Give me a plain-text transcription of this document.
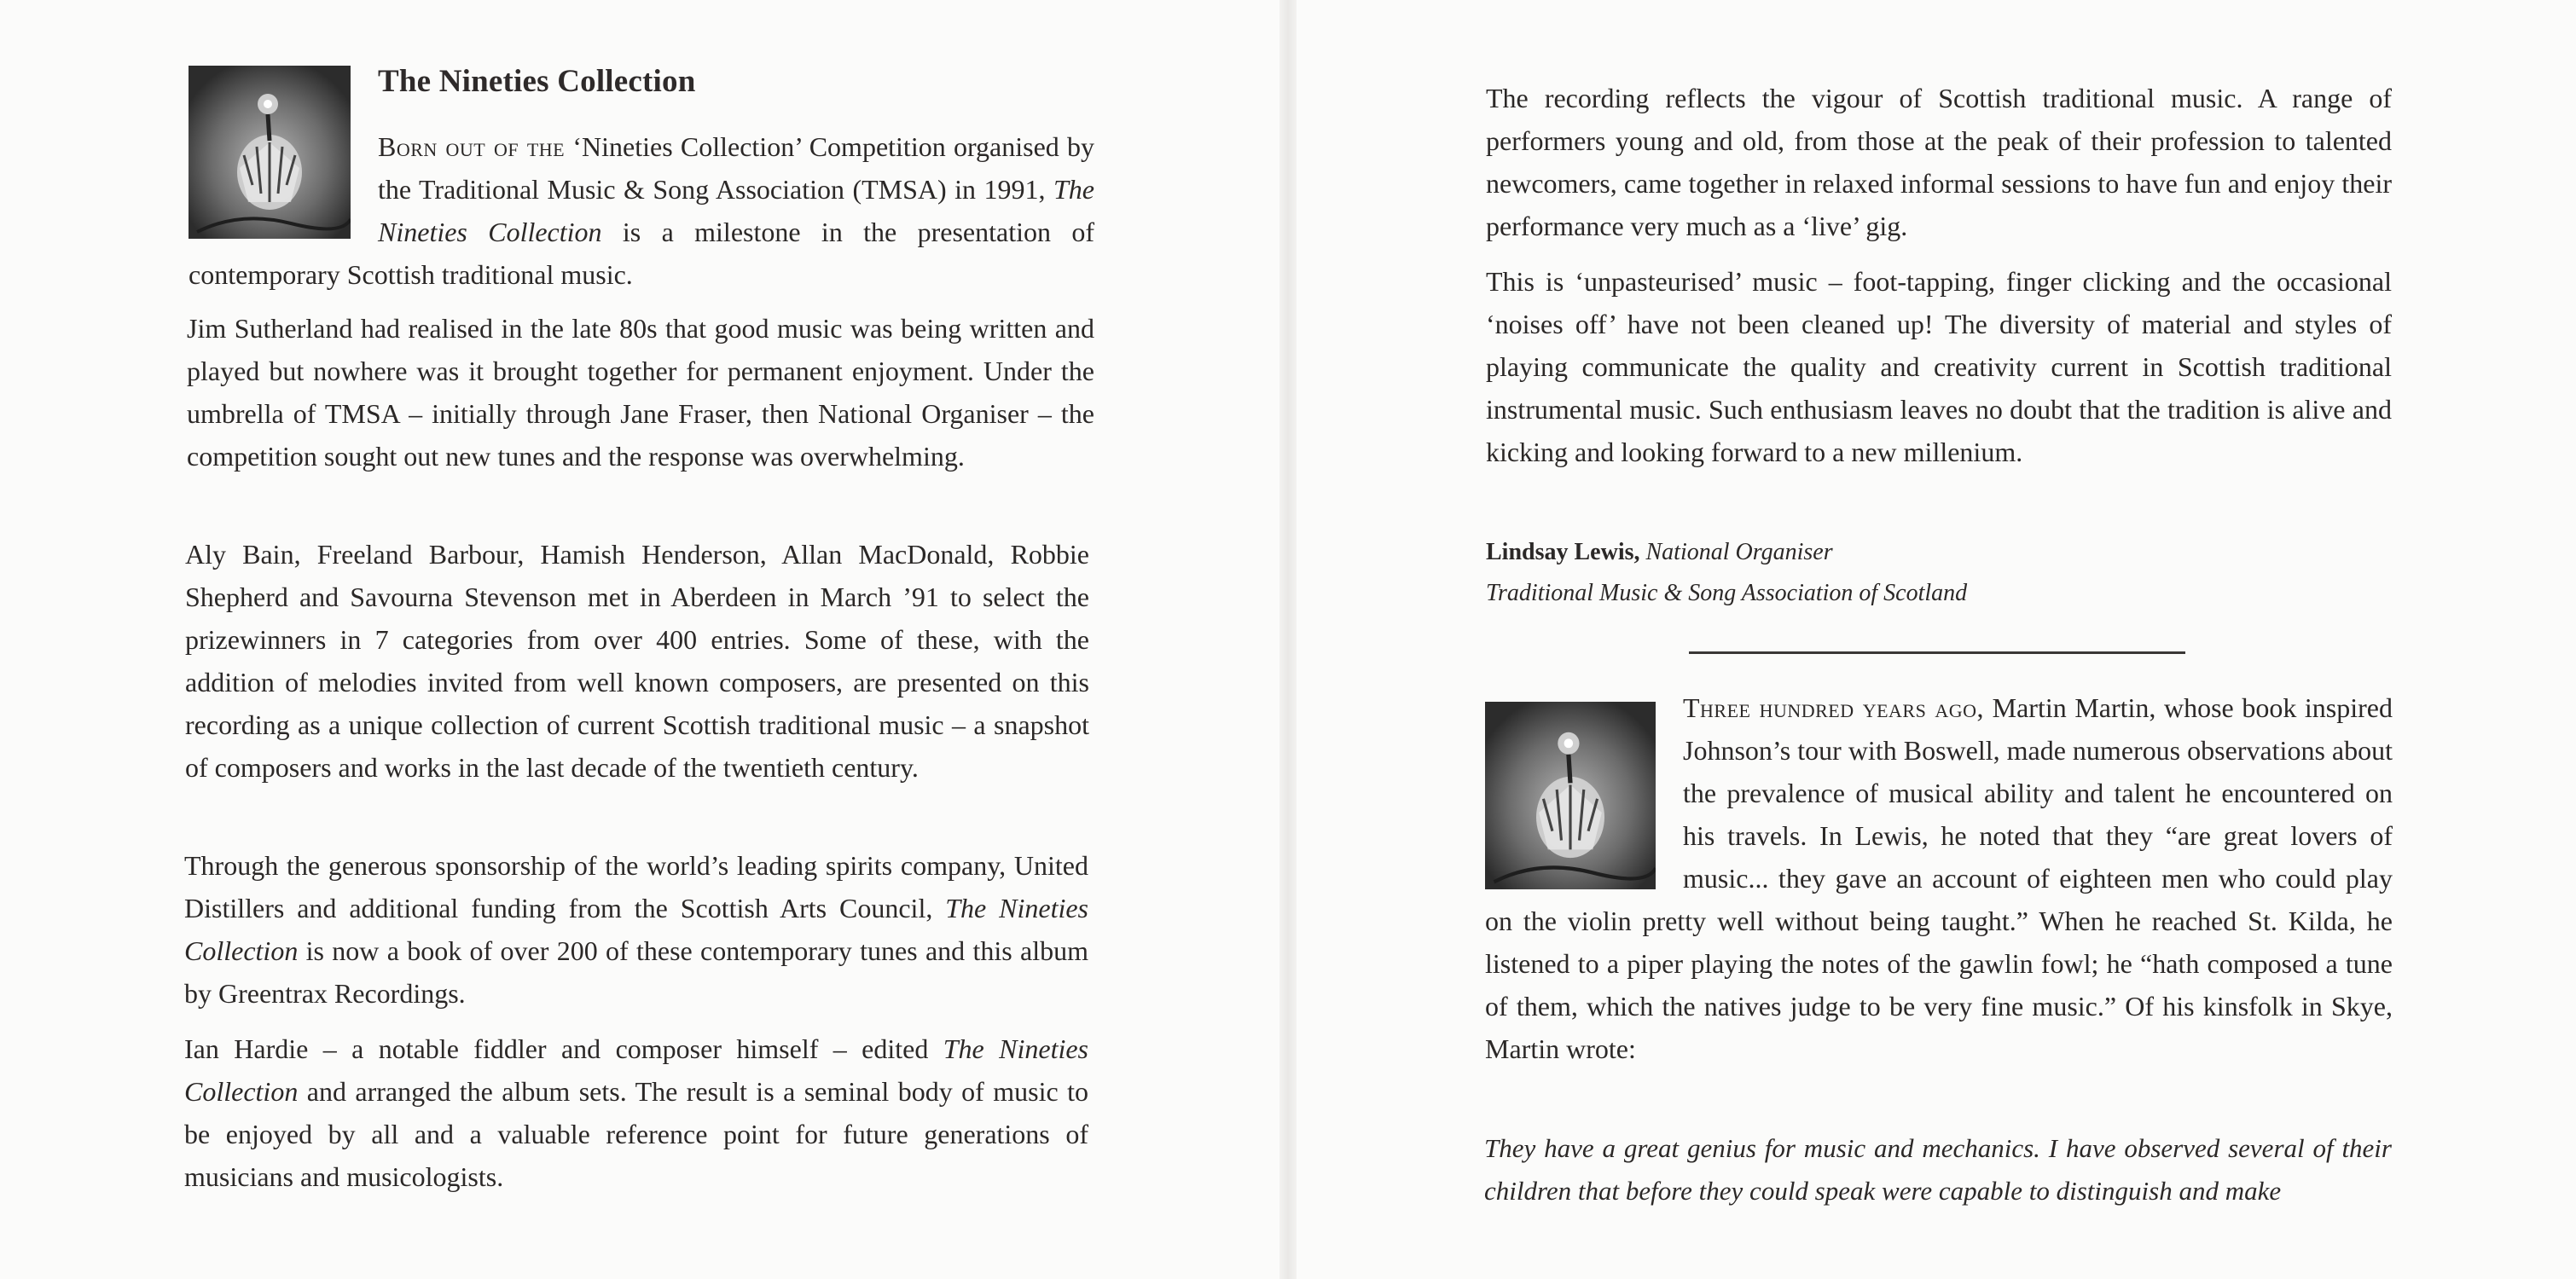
The Nineties Collection

Born out of the ‘Nineties Collection’ Competition organised by the Traditional Music & Song Association (TMSA) in 1991, The Nineties Collection is a milestone in the presentation of contemporary Scottish traditional music.

Jim Sutherland had realised in the late 80s that good music was being written and played but nowhere was it brought together for permanent enjoyment. Under the umbrella of TMSA – initially through Jane Fraser, then National Organiser – the competition sought out new tunes and the response was overwhelming.

Aly Bain, Freeland Barbour, Hamish Henderson, Allan MacDonald, Robbie Shepherd and Savourna Stevenson met in Aberdeen in March ’91 to select the prizewinners in 7 categories from over 400 entries. Some of these, with the addition of melodies invited from well known composers, are presented on this recording as a unique collection of current Scottish traditional music – a snapshot of composers and works in the last decade of the twentieth century.

Through the generous sponsorship of the world’s leading spirits company, United Distillers and additional funding from the Scottish Arts Council, The Nineties Collection is now a book of over 200 of these contemporary tunes and this album by Greentrax Recordings.

Ian Hardie – a notable fiddler and composer himself – edited The Nineties Collection and arranged the album sets. The result is a seminal body of music to be enjoyed by all and a valuable reference point for future generations of musicians and musicologists.

The recording reflects the vigour of Scottish traditional music. A range of performers young and old, from those at the peak of their profession to talented newcomers, came together in relaxed informal sessions to have fun and enjoy their performance very much as a ‘live’ gig.

This is ‘unpasteurised’ music – foot-tapping, finger clicking and the occasional ‘noises off’ have not been cleaned up! The diversity of material and styles of playing communicate the quality and creativity current in Scottish traditional instrumental music. Such enthusiasm leaves no doubt that the tradition is alive and kicking and looking forward to a new millenium.

Lindsay Lewis, National Organiser

Traditional Music & Song Association of Scotland

Three hundred years ago, Martin Martin, whose book inspired Johnson’s tour with Boswell, made numerous observations about the prevalence of musical ability and talent he encountered on his travels. In Lewis, he noted that they “are great lovers of music... they gave an account of eighteen men who could play on the violin pretty well without being taught.” When he reached St. Kilda, he listened to a piper playing the notes of the gawlin fowl; he “hath composed a tune of them, which the natives judge to be very fine music.” Of his kinsfolk in Skye, Martin wrote:

They have a great genius for music and mechanics. I have observed several of their children that before they could speak were capable to distinguish and make
